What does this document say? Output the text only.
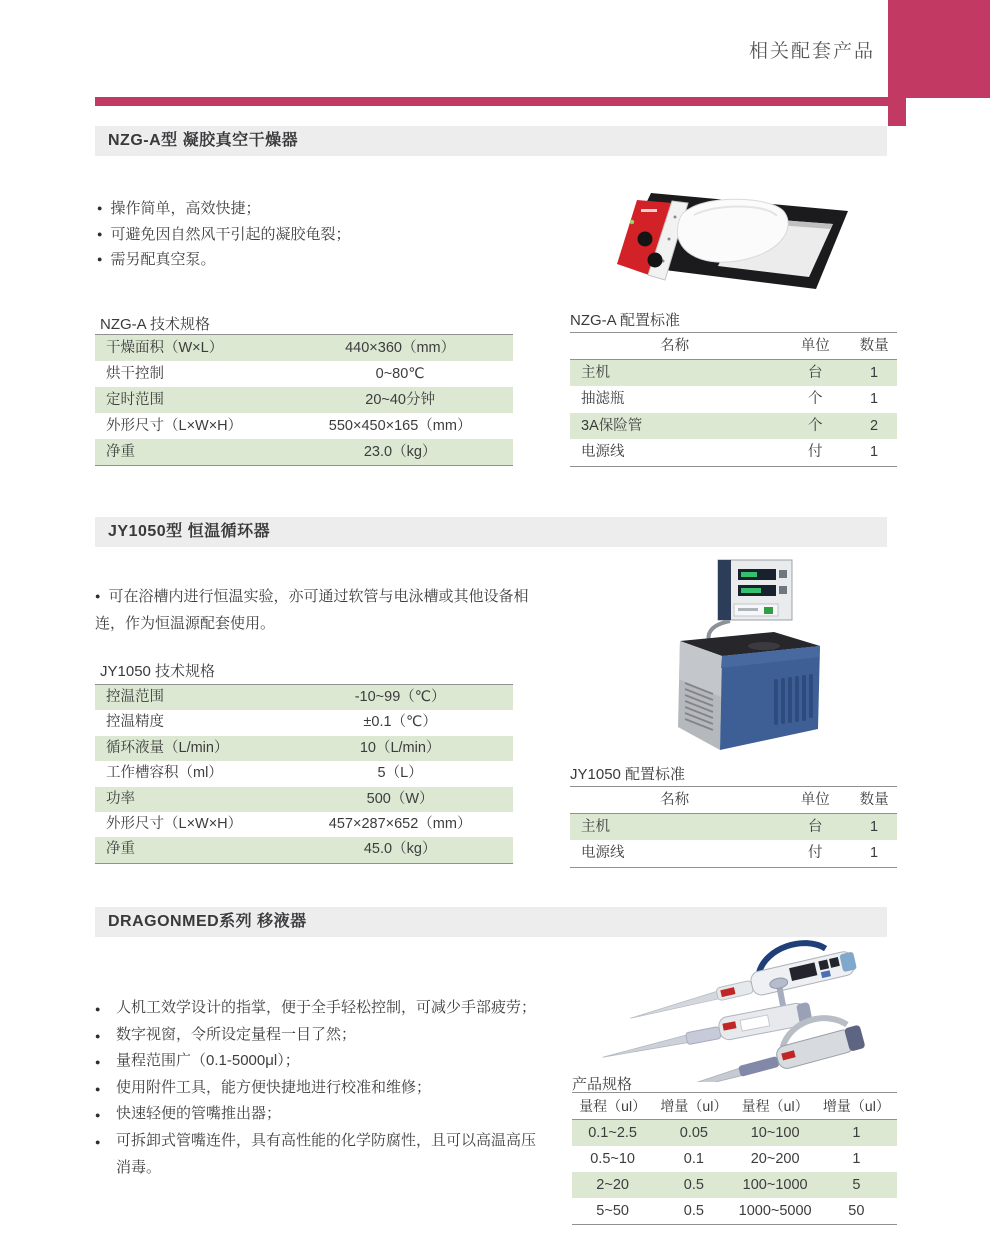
相关配套产品
NZG-A型 凝胶真空干燥器
● 操作简单，高效快捷；
● 可避免因自然风干引起的凝胶龟裂；
● 需另配真空泵。
NZG-A 技术规格
干燥面积（W×L）	440×360（mm）
烘干控制	0~80℃
定时范围	20~40分钟
外形尺寸（L×W×H）	550×450×165（mm）
净重	23.0（kg）
NZG-A 配置标准
名称	单位	数量
主机	台	1
抽滤瓶	个	1
3A保险管	个	2
电源线	付	1
JY1050型 恒温循环器

● 可在浴槽内进行恒温实验，亦可通过软管与电泳槽或其他设备相连，作为恒温源配套使用。

JY1050 技术规格
控温范围	-10~99（℃）
控温精度	±0.1（℃）
循环液量（L/min）	10（L/min）
工作槽容积（ml）	5（L）
功率	500（W）
外形尺寸（L×W×H）	457×287×652（mm）
净重	45.0（kg）
JY1050 配置标准
名称	单位	数量
主机	台	1
电源线	付	1
DRAGONMED系列 移液器
● 人机工效学设计的指掌，便于全手轻松控制，可减少手部疲劳；
● 数字视窗，令所设定量程一目了然；
● 量程范围广（0.1-5000μl）；
● 使用附件工具，能方便快捷地进行校准和维修；
● 快速轻便的管嘴推出器；
● 可拆卸式管嘴连件，具有高性能的化学防腐性，且可以高温高压消毒。
产品规格
量程（ul）	增量（ul）	量程（ul）	增量（ul）
0.1~2.5	0.05	10~100	1
0.5~10	0.1	20~200	1
2~20	0.5	100~1000	5
5~50	0.5	1000~5000	50
